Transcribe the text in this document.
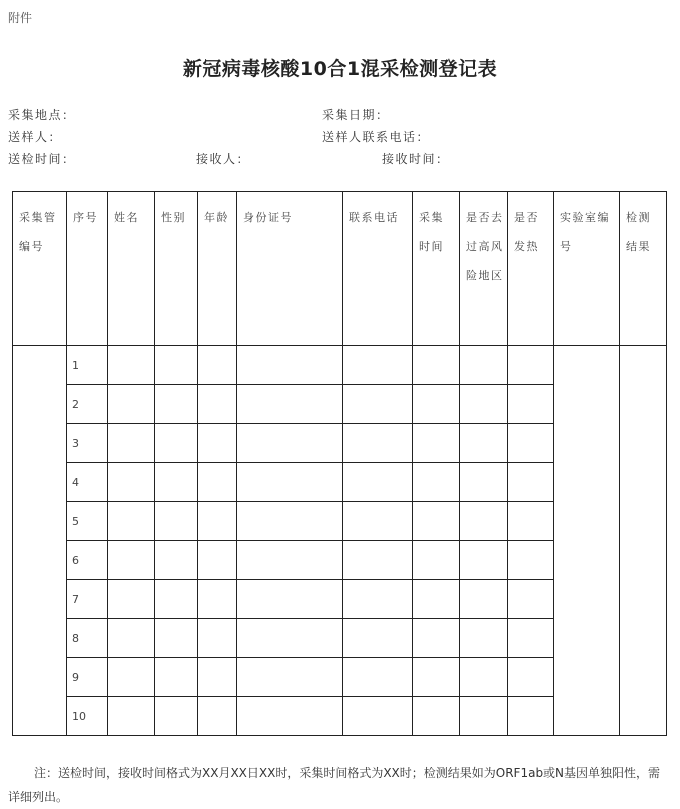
附件
新冠病毒核酸10合1混采检测登记表
采集地点：	采集日期：
送样人：	送样人联系电话：
送检时间：	接收人：	接收时间：
采集管编号	序号	姓名	性别	年龄	身份证号	联系电话	采集时间	是否去过高风险地区	是否发热	实验室编号	检测结果

	1										
	2										
	3										
	4										
	5										
	6										
	7										
	8										
	9										
	10										
注：送检时间，接收时间格式为XX月XX日XX时，采集时间格式为XX时；检测结果如为ORF1ab或N基因单独阳性，需详细列出。
